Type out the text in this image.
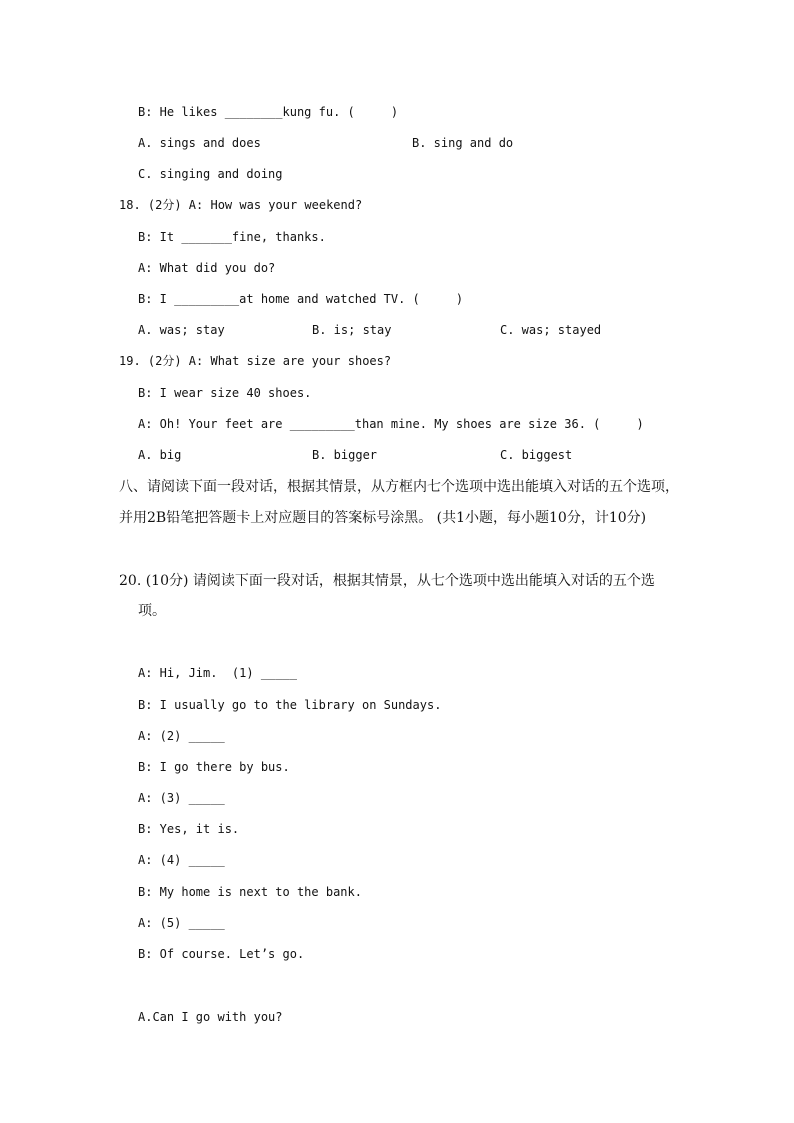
B: He likes ________kung fu. (     )
A. sings and does	B. sing and do
C. singing and doing
18. (2分) A: How was your weekend?
B: It _______fine, thanks.
A: What did you do?
B: I _________at home and watched TV. (     )
A. was; stay	B. is; stay	C. was; stayed
19. (2分) A: What size are your shoes?
B: I wear size 40 shoes.
A: Oh! Your feet are _________than mine. My shoes are size 36. (     )
A. big	B. bigger	C. biggest
八、请阅读下面一段对话，根据其情景，从方框内七个选项中选出能填入对话的五个选项，
并用2B铅笔把答题卡上对应题目的答案标号涂黑。 (共1小题，每小题10分，计10分)
20. (10分) 请阅读下面一段对话，根据其情景，从七个选项中选出能填入对话的五个选
项。
A: Hi, Jim.  (1) _____
B: I usually go to the library on Sundays.
A: (2) _____
B: I go there by bus.
A: (3) _____
B: Yes, it is.
A: (4) _____
B: My home is next to the bank.
A: (5) _____
B: Of course. Let’s go.
A.Can I go with you?
